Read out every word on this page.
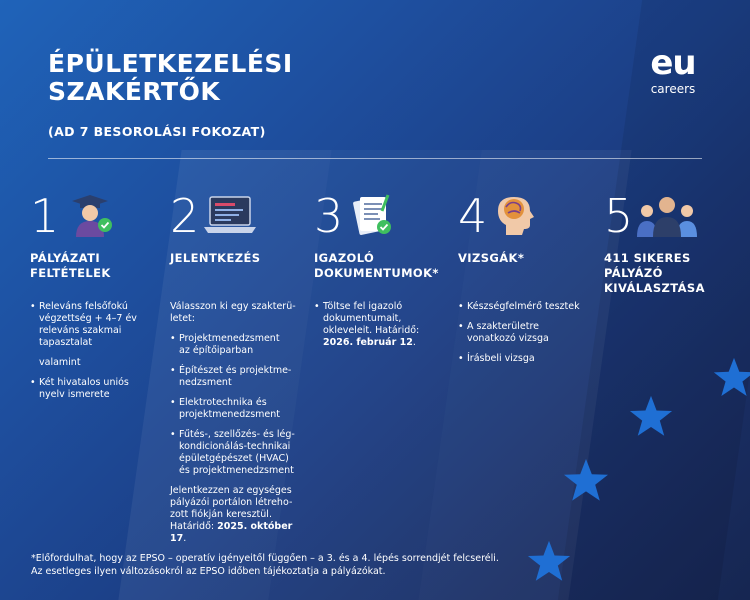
ÉPÜLETKEZELÉSI
SZAKÉRTŐK
(AD 7 BESOROLÁSI FOKOZAT)
eu
careers
1
PÁLYÁZATI
FELTÉTELEK
• Releváns felsőfokú
végzettség + 4–7 év
releváns szakmai
tapasztalat
valamint
• Két hivatalos uniós
nyelv ismerete
2
JELENTKEZÉS

Válasszon ki egy szakterü-
letet:

• Projektmenedzsment
az építőiparban
• Építészet és projektme-
nedzsment
• Elektrotechnika és
projektmenedzsment
• Fűtés-, szellőzés- és lég-
kondicionálás-technikai
épületgépészet (HVAC)
és projektmenedzsment

Jelentkezzen az egységes
pályázói portálon létreho-
zott fiókján keresztül.
Határidő: 2025. október 17.

3
IGAZOLÓ
DOKUMENTUMOK*
• Töltse fel igazoló
dokumentumait,
okleveleit. Határidő:
2026. február 12.
4
VIZSGÁK*
• Készségfelmérő tesztek
• A szakterületre
vonatkozó vizsga
• Írásbeli vizsga
5
411 SIKERES
PÁLYÁZÓ
KIVÁLASZTÁSA
*Előfordulhat, hogy az EPSO – operatív igényeitől függően – a 3. és a 4. lépés sorrendjét felcseréli.
Az esetleges ilyen változásokról az EPSO időben tájékoztatja a pályázókat.
